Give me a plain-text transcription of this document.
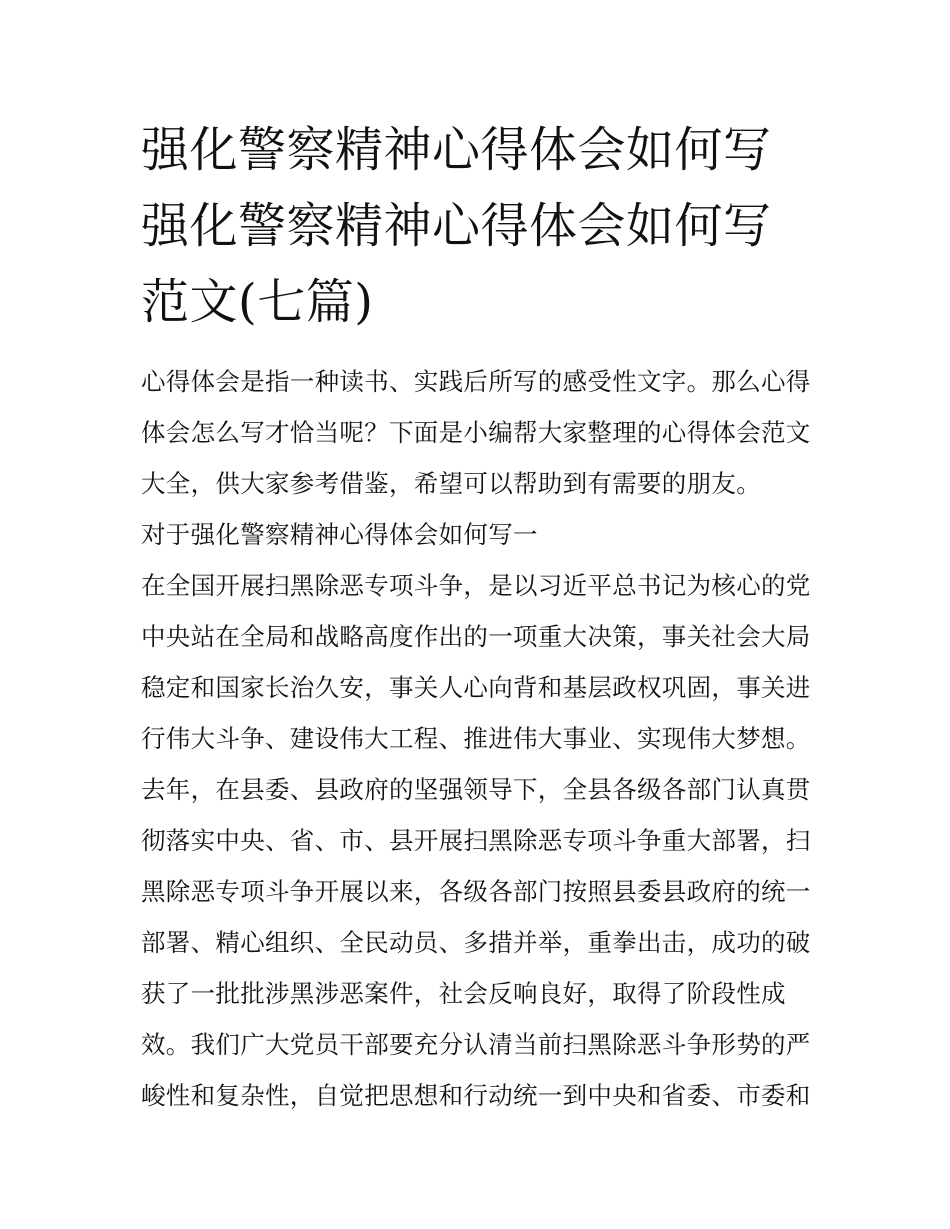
强化警察精神心得体会如何写
强化警察精神心得体会如何写
范文(七篇)
心得体会是指一种读书、实践后所写的感受性文字。那么心得
体会怎么写才恰当呢？下面是小编帮大家整理的心得体会范文
大全，供大家参考借鉴，希望可以帮助到有需要的朋友。
对于强化警察精神心得体会如何写一
在全国开展扫黑除恶专项斗争，是以习近平总书记为核心的党
中央站在全局和战略高度作出的一项重大决策，事关社会大局
稳定和国家长治久安，事关人心向背和基层政权巩固，事关进
行伟大斗争、建设伟大工程、推进伟大事业、实现伟大梦想。
去年，在县委、县政府的坚强领导下，全县各级各部门认真贯
彻落实中央、省、市、县开展扫黑除恶专项斗争重大部署，扫
黑除恶专项斗争开展以来，各级各部门按照县委县政府的统一
部署、精心组织、全民动员、多措并举，重拳出击，成功的破
获了一批批涉黑涉恶案件，社会反响良好，取得了阶段性成
效。我们广大党员干部要充分认清当前扫黑除恶斗争形势的严
峻性和复杂性，自觉把思想和行动统一到中央和省委、市委和
